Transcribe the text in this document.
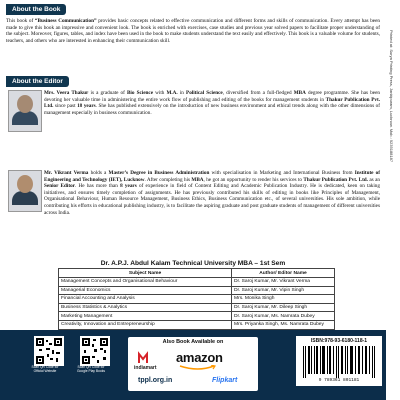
About the Book
This book of “Business Communication” provides basic concepts related to effective communication and different forms and skills of communication. Every attempt has been made to give this book an impressive and convenient look. The book is enriched with exercises, case studies and previous year solved papers to facilitate proper understanding of the subject. Moreover, figures, tables, and index have been used in the book to make students understand the text easily and effectively. This book is a valuable volume for students, teachers, and others who are interested in enhancing their communication skill.
About the Editor
Mrs. Veera Thakur is a graduate of Bio Science with M.A. in Political Science, diversified from a full-fledged MBA degree programme. She has been devoting her valuable time in administering the entire work flow of publishing and editing of the books for management students in Thakur Publication Pvt. Ltd. since past 18 years. She has published extensively on the introduction of new business environment and ethical trends along with the other dimensions of management especially in business communication.
Mr. Vikrant Verma holds a Master’s Degree in Business Administration with specialisation in Marketing and International Business from Institute of Engineering and Technology (IET), Lucknow. After completing his MBA, he got an opportunity to render his services to Thakur Publication Pvt. Ltd. as an Senior Editor. He has more than 8 years of experience in field of Content Editing and Academic Publication Industry. He is dedicated, keen on taking initiatives, and ensures timely completion of assignments. He has previously contributed his skills of editing in books like Principles of Management, Organisational Behaviour, Human Resource Management, Business Ethics, Business Communication etc., of several universities. His sole ambition, while contributing his efforts in educational publishing industry, is to facilitate the aspiring graduate and post graduate students of management of different universities across India.
Dr. A.P.J. Abdul Kalam Technical University MBA – 1st Sem
Subject Name	Author/ Editor Name
Management Concepts and Organisational Behaviour	Dr. Saroj Kumar, Mr. Vikrant Verma
Managerial Economics	Dr. Saroj Kumar, Mr. Vipin Singh
Financial Accounting and Analysis	Mrs. Monika Singh
Business Statistics & Analytics	Dr. Saroj Kumar, Mr. Dileep Singh
Marketing Management	Dr. Saroj Kumar, Ms. Namrata Dubey
Creativity, Innovation and Entrepreneurship	Mrs. Priyanka Singh, Ms. Namrata Dubey

Printed at: Surya Printing Press, Jankipuram, Lucknow. Mob.: 9235188187
Scan QR Code for Official Website
Scan QR Code for Google Play Books
Also Book Available on
indiamart
amazon
tppl.org.in	Flipkart
ISBN:978-93-6180-118-1
9 789361 801181
